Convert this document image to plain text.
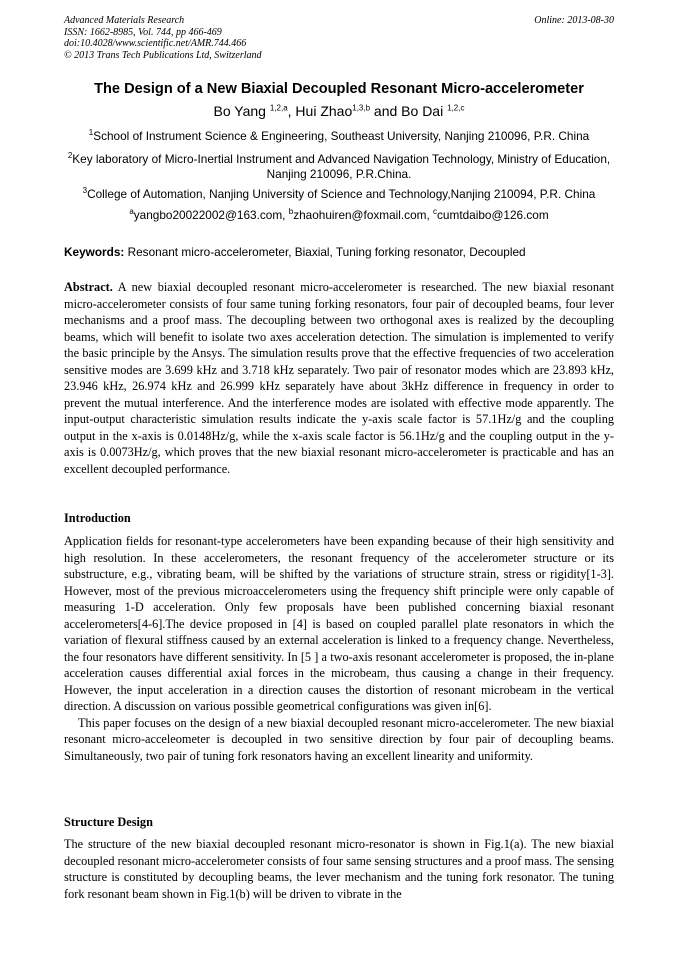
Advanced Materials Research
ISSN: 1662-8985, Vol. 744, pp 466-469
doi:10.4028/www.scientific.net/AMR.744.466
© 2013 Trans Tech Publications Ltd, Switzerland
Online: 2013-08-30
The Design of a New Biaxial Decoupled Resonant Micro-accelerometer
Bo Yang $^{1,2,a}$, Hui Zhao$^{1,3,b}$ and Bo Dai $^{1,2,c}$
$^1$School of Instrument Science & Engineering, Southeast University, Nanjing 210096, P.R. China
$^2$Key laboratory of Micro-Inertial Instrument and Advanced Navigation Technology, Ministry of Education, Nanjing 210096, P.R.China.
$^3$College of Automation, Nanjing University of Science and Technology,Nanjing 210094, P.R. China
$^a$yangbo20022002@163.com, $^b$zhaohuiren@foxmail.com, $^c$cumtdaibo@126.com
Keywords: Resonant micro-accelerometer, Biaxial, Tuning forking resonator, Decoupled

Abstract. A new biaxial decoupled resonant micro-accelerometer is researched. The new biaxial resonant micro-accelerometer consists of four same tuning forking resonators, four pair of decoupled beams, four lever mechanisms and a proof mass. The decoupling between two orthogonal axes is realized by the decoupling beams, which will benefit to isolate two axes acceleration detection. The simulation is implemented to verify the basic principle by the Ansys. The simulation results prove that the effective frequencies of two acceleration sensitive modes are 3.699 kHz and 3.718 kHz separately. Two pair of resonator modes which are 23.893 kHz, 23.946 kHz, 26.974 kHz and 26.999 kHz separately have about 3kHz difference in frequency in order to prevent the mutual interference. And the interference modes are isolated with effective mode apparently. The input-output characteristic simulation results indicate the y-axis scale factor is 57.1Hz/g and the coupling output in the x-axis is 0.0148Hz/g, while the x-axis scale factor is 56.1Hz/g and the coupling output in the y-axis is 0.0073Hz/g, which proves that the new biaxial resonant micro-accelerometer is practicable and has an excellent decoupled performance.

Introduction

Application fields for resonant-type accelerometers have been expanding because of their high sensitivity and high resolution. In these accelerometers, the resonant frequency of the accelerometer structure or its substructure, e.g., vibrating beam, will be shifted by the variations of structure strain, stress or rigidity[1-3]. However, most of the previous microaccelerometers using the frequency shift principle were only capable of measuring 1-D acceleration. Only few proposals have been published concerning biaxial resonant accelerometers[4-6].The device proposed in [4] is based on coupled parallel plate resonators in which the variation of flexural stiffness caused by an external acceleration is linked to a frequency change. Nevertheless, the four resonators have different sensitivity. In [5 ] a two-axis resonant accelerometer is proposed, the in-plane acceleration causes differential axial forces in the microbeam, thus causing a change in their frequency. However, the input acceleration in a direction causes the distortion of resonant microbeam in the vertical direction. A discussion on various possible geometrical configurations was given in[6].

This paper focuses on the design of a new biaxial decoupled resonant micro-accelerometer. The new biaxial resonant micro-acceleometer is decoupled in two sensitive direction by four pair of decoupling beams. Simultaneously, two pair of tuning fork resonators having an excellent linearity and uniformity.

Structure Design

The structure of the new biaxial decoupled resonant micro-resonator is shown in Fig.1(a). The new biaxial decoupled resonant micro-accelerometer consists of four same sensing structures and a proof mass. The sensing structure is constituted by decoupling beams, the lever mechanism and the tuning fork resonator. The tuning fork resonant beam shown in Fig.1(b) will be driven to vibrate in the
